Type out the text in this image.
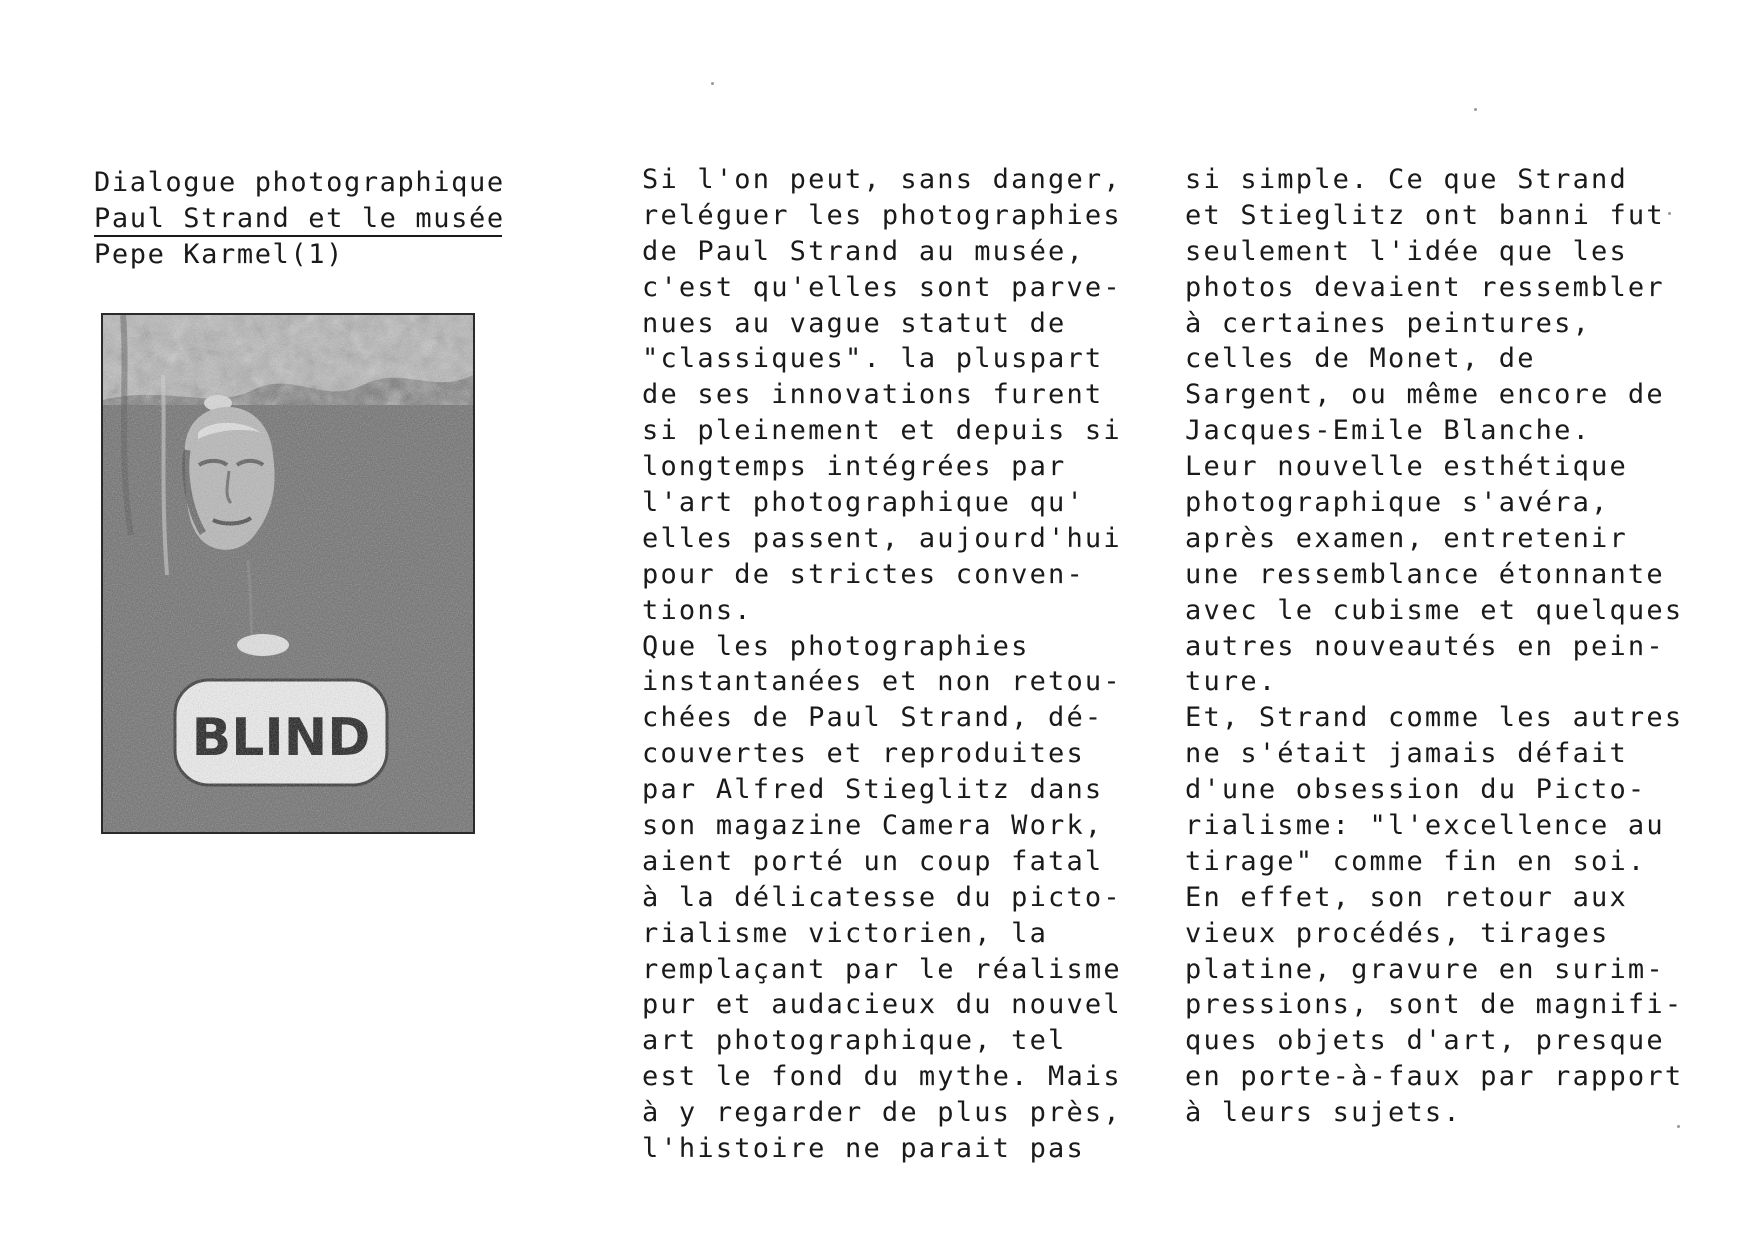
Dialogue photographique
Paul Strand et le musée
Pepe Karmel(1)
Si l'on peut, sans danger,
reléguer les photographies
de Paul Strand au musée,
c'est qu'elles sont parve-
nues au vague statut de
"classiques". la pluspart
de ses innovations furent
si pleinement et depuis si
longtemps intégrées par
l'art photographique qu'
elles passent, aujourd'hui
pour de strictes conven-
tions.
Que les photographies
instantanées et non retou-
chées de Paul Strand, dé-
couvertes et reproduites
par Alfred Stieglitz dans
son magazine Camera Work,
aient porté un coup fatal
à la délicatesse du picto-
rialisme victorien, la
remplaçant par le réalisme
pur et audacieux du nouvel
art photographique, tel
est le fond du mythe. Mais
à y regarder de plus près,
l'histoire ne parait pas
si simple. Ce que Strand
et Stieglitz ont banni fut
seulement l'idée que les
photos devaient ressembler
à certaines peintures,
celles de Monet, de
Sargent, ou même encore de
Jacques-Emile Blanche.
Leur nouvelle esthétique
photographique s'avéra,
après examen, entretenir
une ressemblance étonnante
avec le cubisme et quelques
autres nouveautés en pein-
ture.
Et, Strand comme les autres
ne s'était jamais défait
d'une obsession du Picto-
rialisme: "l'excellence au
tirage" comme fin en soi.
En effet, son retour aux
vieux procédés, tirages
platine, gravure en surim-
pressions, sont de magnifi-
ques objets d'art, presque
en porte-à-faux par rapport
à leurs sujets.
